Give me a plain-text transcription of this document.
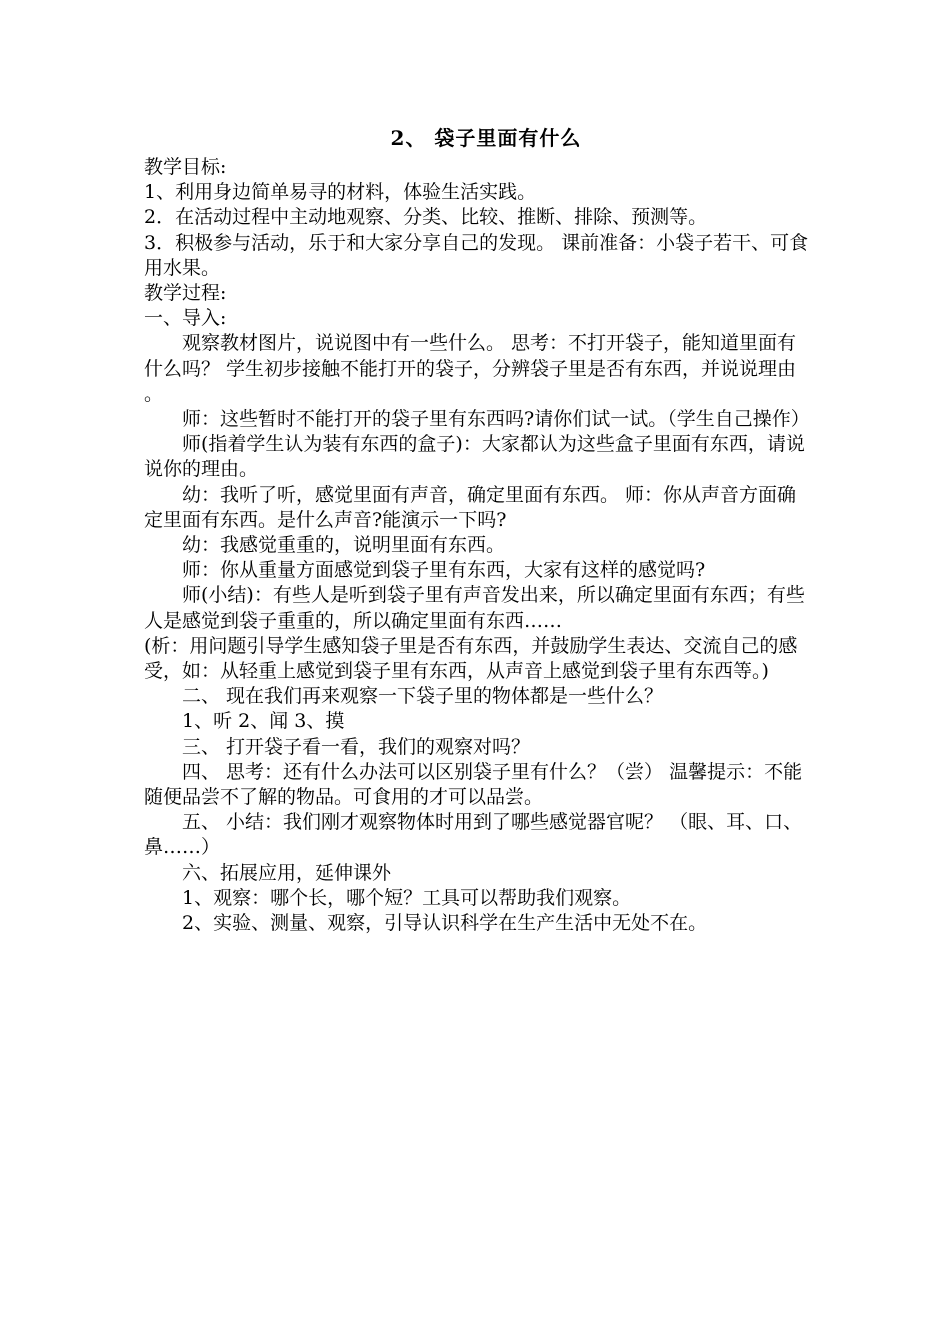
2、 袋子里面有什么

教学目标:

1、利用身边简单易寻的材料，体验生活实践。

2．在活动过程中主动地观察、分类、比较、推断、排除、预测等。

3．积极参与活动，乐于和大家分享自己的发现。 课前准备：小袋子若干、可食用水果。

教学过程:

一、导入:

观察教材图片，说说图中有一些什么。 思考：不打开袋子，能知道里面有什么吗？ 学生初步接触不能打开的袋子，分辨袋子里是否有东西，并说说理由 。

师：这些暂时不能打开的袋子里有东西吗?请你们试一试。（学生自己操作）

师(指着学生认为装有东西的盒子)：大家都认为这些盒子里面有东西，请说说你的理由。

幼：我听了听，感觉里面有声音，确定里面有东西。 师：你从声音方面确定里面有东西。是什么声音?能演示一下吗?

幼：我感觉重重的，说明里面有东西。

师：你从重量方面感觉到袋子里有东西，大家有这样的感觉吗?

师(小结)：有些人是听到袋子里有声音发出来，所以确定里面有东西；有些人是感觉到袋子重重的，所以确定里面有东西……

(析：用问题引导学生感知袋子里是否有东西，并鼓励学生表达、交流自己的感受，如：从轻重上感觉到袋子里有东西，从声音上感觉到袋子里有东西等。)

二、 现在我们再来观察一下袋子里的物体都是一些什么？

1、听 2、闻 3、摸

三、 打开袋子看一看，我们的观察对吗？

四、 思考：还有什么办法可以区别袋子里有什么？（尝） 温馨提示：不能随便品尝不了解的物品。可食用的才可以品尝。

五、 小结：我们刚才观察物体时用到了哪些感觉器官呢？ （眼、耳、口、鼻……）

六、拓展应用，延伸课外

1、观察：哪个长，哪个短？工具可以帮助我们观察。

2、实验、测量、观察，引导认识科学在生产生活中无处不在。
